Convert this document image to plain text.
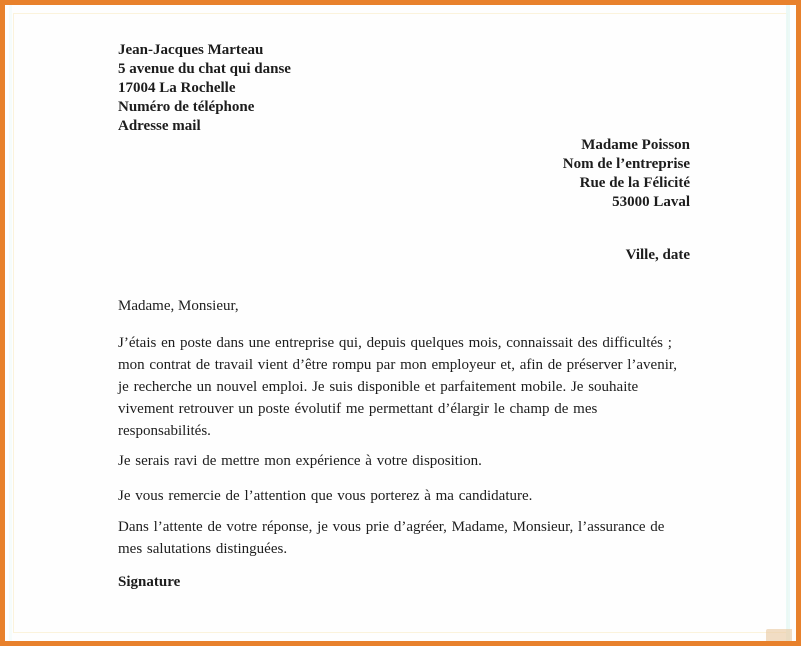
Jean-Jacques Marteau
5 avenue du chat qui danse
17004 La Rochelle
Numéro de téléphone
Adresse mail
Madame Poisson
Nom de l’entreprise
Rue de la Félicité
53000 Laval
Ville, date
Madame, Monsieur,

J’étais en poste dans une entreprise qui, depuis quelques mois, connaissait des difficultés ; mon contrat de travail vient d’être rompu par mon employeur et, afin de préserver l’avenir, je recherche un nouvel emploi. Je suis disponible et parfaitement mobile. Je souhaite vivement retrouver un poste évolutif me permettant d’élargir le champ de mes responsabilités.

Je serais ravi de mettre mon expérience à votre disposition.

Je vous remercie de l’attention que vous porterez à ma candidature.

Dans l’attente de votre réponse, je vous prie d’agréer, Madame, Monsieur, l’assurance de mes salutations distinguées.

Signature
